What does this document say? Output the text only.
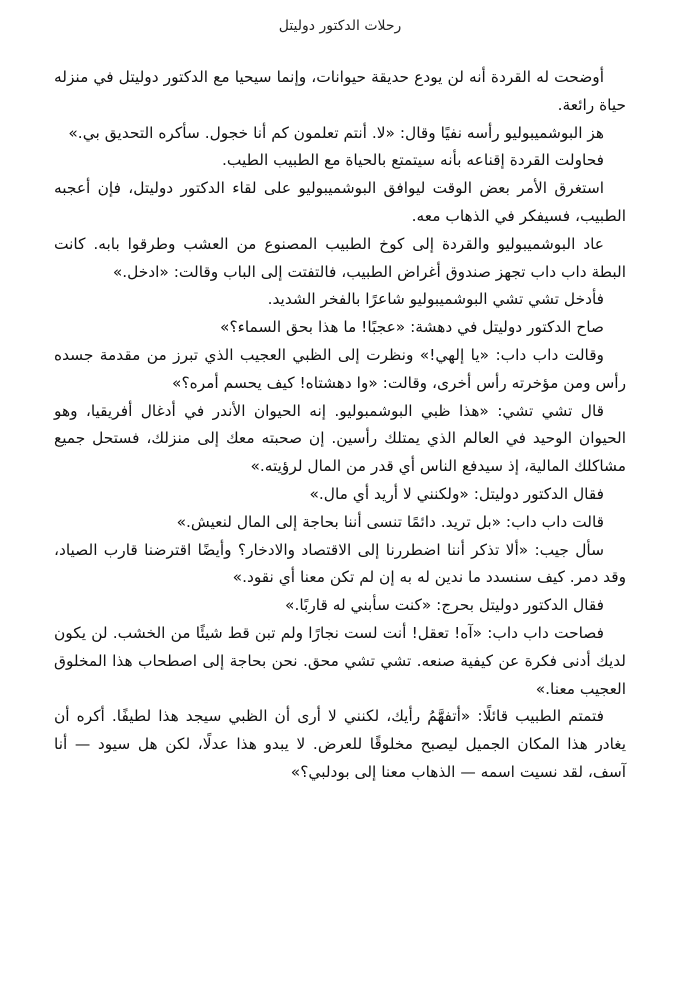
رحلات الدكتور دوليتل

أوضحت له القردة أنه لن يودع حديقة حيوانات، وإنما سيحيا مع الدكتور دوليتل في منزله حياة رائعة.

هز البوشميبوليو رأسه نفيًا وقال: «لا. أنتم تعلمون كم أنا خجول. سأكره التحديق بي.»

فحاولت القردة إقناعه بأنه سيتمتع بالحياة مع الطبيب الطيب.

استغرق الأمر بعض الوقت ليوافق البوشميبوليو على لقاء الدكتور دوليتل، فإن أعجبه الطبيب، فسيفكر في الذهاب معه.

عاد البوشميبوليو والقردة إلى كوخ الطبيب المصنوع من العشب وطرقوا بابه. كانت البطة داب داب تجهز صندوق أغراض الطبيب، فالتفتت إلى الباب وقالت: «ادخل.»

فأدخل تشي تشي البوشميبوليو شاعرًا بالفخر الشديد.

صاح الدكتور دوليتل في دهشة: «عجبًا! ما هذا بحق السماء؟»

وقالت داب داب: «يا إلهي!» ونظرت إلى الظبي العجيب الذي تبرز من مقدمة جسده رأس ومن مؤخرته رأس أخرى، وقالت: «وا دهشتاه! كيف يحسم أمره؟»

قال تشي تشي: «هذا ظبي البوشمبوليو. إنه الحيوان الأندر في أدغال أفريقيا، وهو الحيوان الوحيد في العالم الذي يمتلك رأسين. إن صحبته معك إلى منزلك، فستحل جميع مشاكلك المالية، إذ سيدفع الناس أي قدر من المال لرؤيته.»

فقال الدكتور دوليتل: «ولكنني لا أريد أي مال.»

قالت داب داب: «بل تريد. دائمًا تنسى أننا بحاجة إلى المال لنعيش.»

سأل جيب: «ألا تذكر أننا اضطررنا إلى الاقتصاد والادخار؟ وأيضًا اقترضنا قارب الصياد، وقد دمر. كيف سنسدد ما ندين له به إن لم تكن معنا أي نقود.»

فقال الدكتور دوليتل بحرج: «كنت سأبني له قاربًا.»

فصاحت داب داب: «آه! تعقل! أنت لست نجارًا ولم تبن قط شيئًا من الخشب. لن يكون لديك أدنى فكرة عن كيفية صنعه. تشي تشي محق. نحن بحاجة إلى اصطحاب هذا المخلوق العجيب معنا.»

فتمتم الطبيب قائلًا: «أتفهَّمُ رأيك، لكنني لا أرى أن الظبي سيجد هذا لطيفًا. أكره أن يغادر هذا المكان الجميل ليصبح مخلوقًا للعرض. لا يبدو هذا عدلًا، لكن هل سيود — أنا آسف، لقد نسيت اسمه — الذهاب معنا إلى بودلبي؟»
